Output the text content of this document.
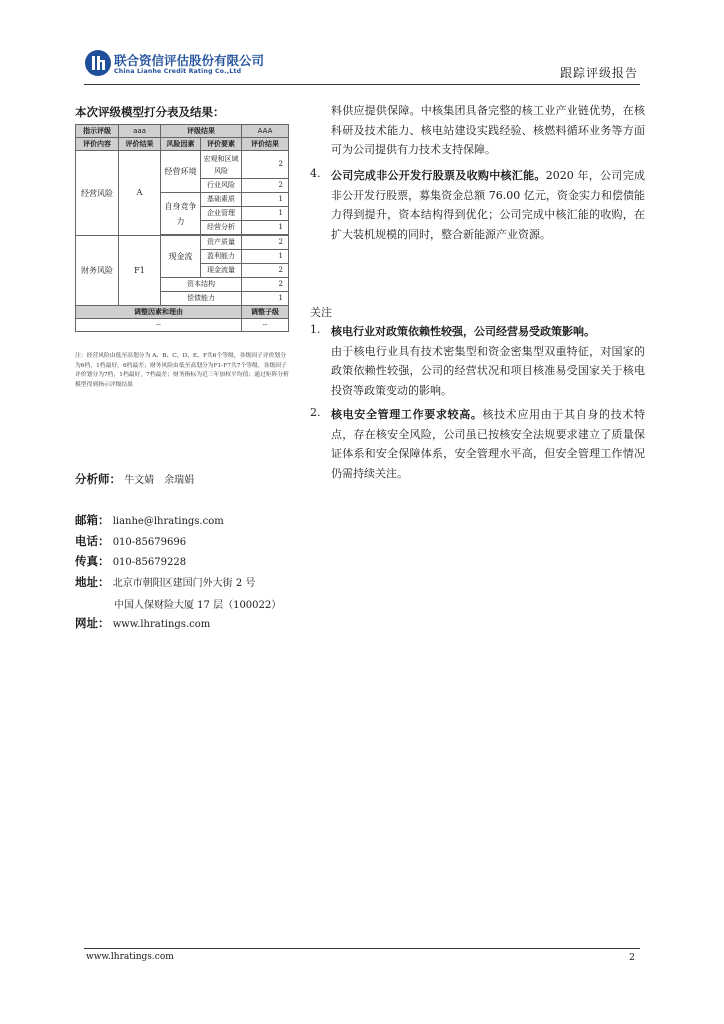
联合资信评估股份有限公司
China Lianhe Credit Rating Co.,Ltd	跟踪评级报告
本次评级模型打分表及结果：
指示评级	aaa	评级结果		AAA
评价内容	评价结果	风险因素	评价要素	评价结果
经营风险	A	经营环境	宏观和区域风险	2
			行业风险	2
		自身竞争力	基础素质	1
			企业管理	1
			经营分析	1

财务风险	F1	现金流	资产质量	2
			盈利能力	1
			现金流量	2
		资本结构		2
		偿债能力		1
调整因素和理由				调整子级
--				--
注：经营风险由低至高划分为 A、B、C、D、E、F共6个等级，各级因子评价划分为6档，1档最好，6档最差；财务风险由低至高划分为F1-F7共7个等级，各级因子评价划分为7档，1档最好，7档最差；财务指标为近三年加权平均值；通过矩阵分析模型得到指示评级结果
分析师： 牛文婧　余瑞娟
邮箱： lianhe@lhratings.com
电话： 010-85679696
传真： 010-85679228
地址： 北京市朝阳区建国门外大街 2 号
中国人保财险大厦 17 层（100022）
网址： www.lhratings.com
料供应提供保障。中核集团具备完整的核工业产业链优势，在核科研及技术能力、核电站建设实践经验、核燃料循环业务等方面可为公司提供有力技术支持保障。
4. 公司完成非公开发行股票及收购中核汇能。2020 年，公司完成非公开发行股票，募集资金总额 76.00 亿元，资金实力和偿债能力得到提升，资本结构得到优化；公司完成中核汇能的收购，在扩大装机规模的同时，整合新能源产业资源。
关注
1. 核电行业对政策依赖性较强，公司经营易受政策影响。
由于核电行业具有技术密集型和资金密集型双重特征，对国家的政策依赖性较强，公司的经营状况和项目核准易受国家关于核电投资等政策变动的影响。
2. 核电安全管理工作要求较高。核技术应用由于其自身的技术特点，存在核安全风险，公司虽已按核安全法规要求建立了质量保证体系和安全保障体系，安全管理水平高，但安全管理工作情况仍需持续关注。
www.lhratings.com	2
